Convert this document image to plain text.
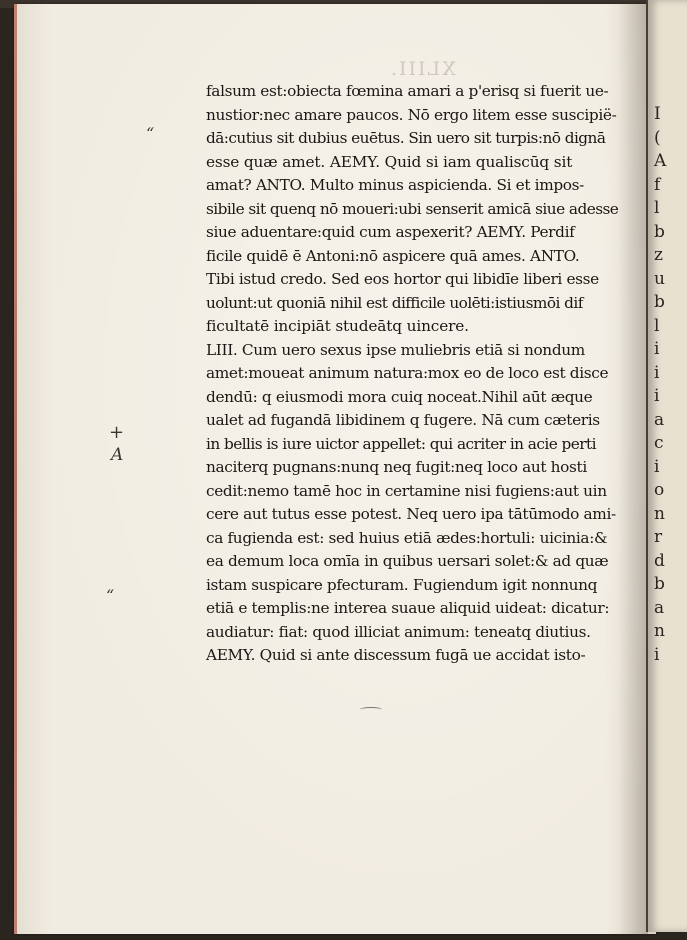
I
(
A
f
l
b
z
u
b
l
i
i
i
a
c
i
o
n
r
d
b
a
n
i
XLIII.
“
+
A
“
falsum est:obiecta fœmina amari a p'erisq si fuerit ue-
nustior:nec amare paucos. Nō ergo litem esse suscipië-
dā:cutius sit dubius euētus. Sin uero sit turpis:nō dignā
esse quæ amet. AEMY. Quid si iam qualiscūq sit
amat? ANTO. Multo minus aspicienda. Si et impos-
sibile sit quenq nō moueri:ubi senserit amicā siue adesse
siue aduentare:quid cum aspexerit? AEMY. Perdif
ficile quidē ē Antoni:nō aspicere quā ames. ANTO.
Tibi istud credo. Sed eos hortor qui libidīe liberi esse
uolunt:ut quoniā nihil est difficile uolēti:istiusmōi dif
ficultatē incipiāt studeātq uincere.
LIII. Cum uero sexus ipse muliebris etiā si nondum
amet:moueat animum natura:mox eo de loco est disce
dendū: q eiusmodi mora cuiq noceat.Nihil aūt æque
ualet ad fugandā libidinem q fugere. Nā cum cæteris
in bellis is iure uictor appellet: qui acriter in acie perti
naciterq pugnans:nunq neq fugit:neq loco aut hosti
cedit:nemo tamē hoc in certamine nisi fugiens:aut uin
cere aut tutus esse potest. Neq uero ipa tātūmodo ami-
ca fugienda est: sed huius etiā ædes:hortuli: uicinia:&
ea demum loca omīa in quibus uersari solet:& ad quæ
istam suspicare pfecturam. Fugiendum igit nonnunq
etiā e templis:ne interea suaue aliquid uideat: dicatur:
audiatur: fiat: quod illiciat animum: teneatq diutius.
AEMY. Quid si ante discessum fugā ue accidat isto-
